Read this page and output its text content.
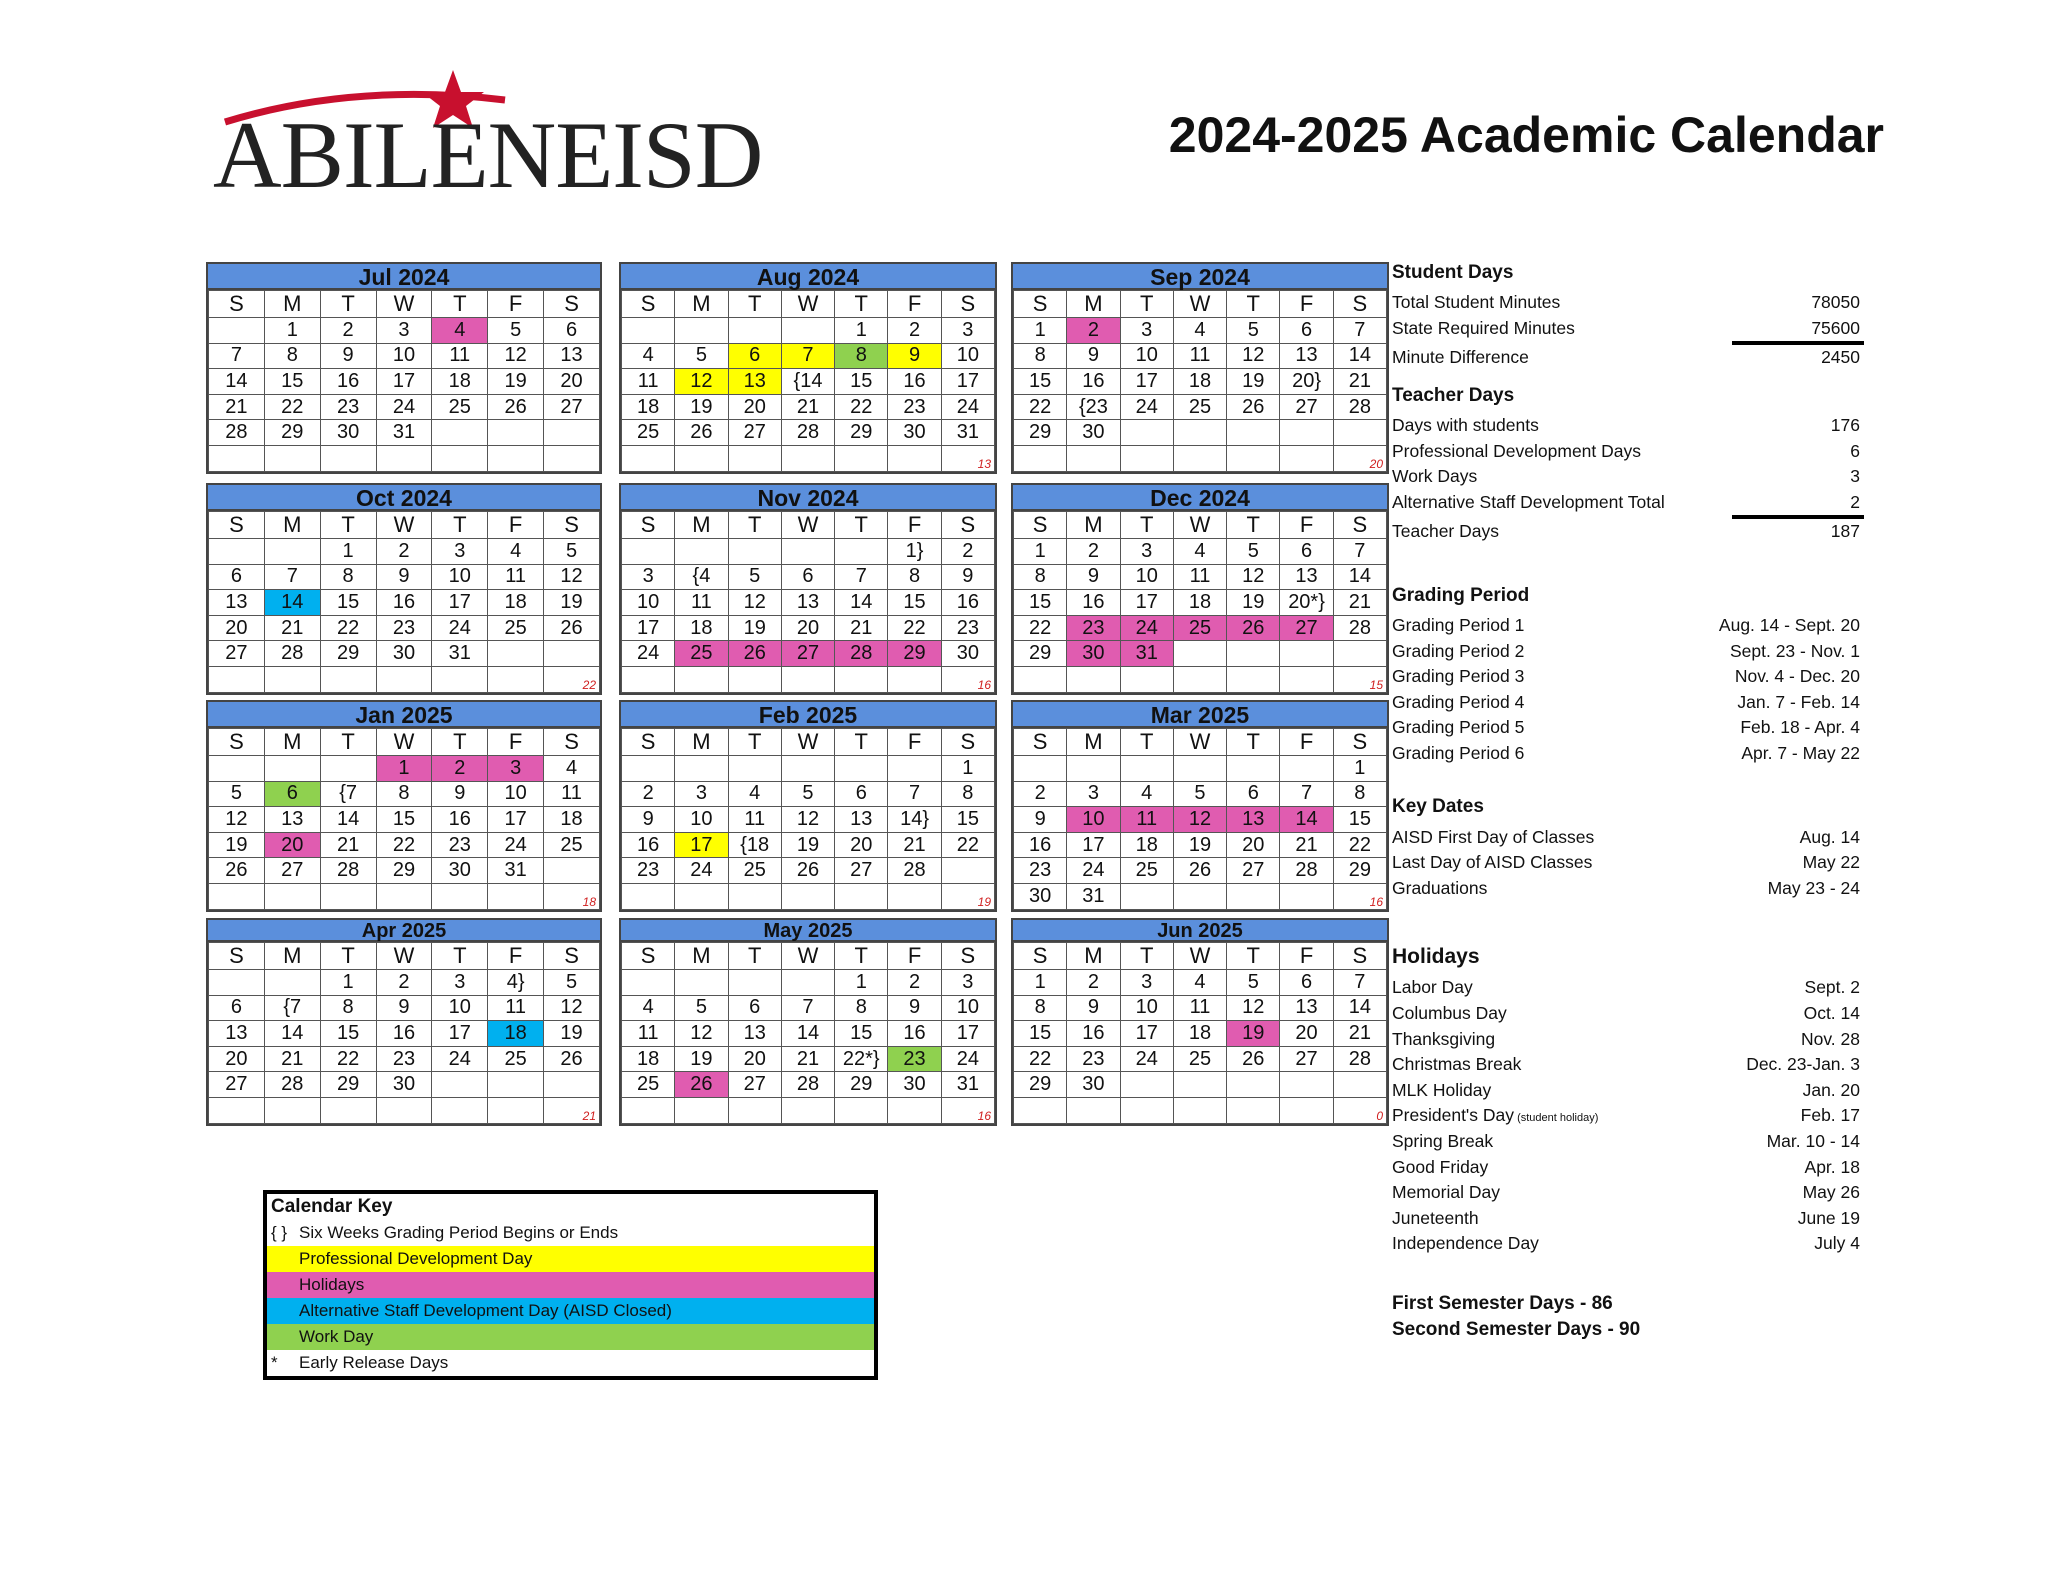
ABILENEISD	2024-2025 Academic Calendar
Jul 2024
S	M	T	W	T	F	S
	1	2	3	4	5	6
7	8	9	10	11	12	13
14	15	16	17	18	19	20
21	22	23	24	25	26	27
28	29	30	31			

Aug 2024
S	M	T	W	T	F	S
				1	2	3
4	5	6	7	8	9	10
11	12	13	{14	15	16	17
18	19	20	21	22	23	24
25	26	27	28	29	30	31

						13
Sep 2024
S	M	T	W	T	F	S
1	2	3	4	5	6	7
8	9	10	11	12	13	14
15	16	17	18	19	20}	21
22	{23	24	25	26	27	28
29	30					

						20
Oct 2024
S	M	T	W	T	F	S
		1	2	3	4	5
6	7	8	9	10	11	12
13	14	15	16	17	18	19
20	21	22	23	24	25	26
27	28	29	30	31		

						22
Nov 2024
S	M	T	W	T	F	S
					1}	2
3	{4	5	6	7	8	9
10	11	12	13	14	15	16
17	18	19	20	21	22	23
24	25	26	27	28	29	30

						16
Dec 2024
S	M	T	W	T	F	S
1	2	3	4	5	6	7
8	9	10	11	12	13	14
15	16	17	18	19	20*}	21
22	23	24	25	26	27	28
29	30	31				

						15
Jan 2025
S	M	T	W	T	F	S
			1	2	3	4
5	6	{7	8	9	10	11
12	13	14	15	16	17	18
19	20	21	22	23	24	25
26	27	28	29	30	31	

						18
Feb 2025
S	M	T	W	T	F	S
						1
2	3	4	5	6	7	8
9	10	11	12	13	14}	15
16	17	{18	19	20	21	22
23	24	25	26	27	28	

						19
Mar 2025
S	M	T	W	T	F	S
						1
2	3	4	5	6	7	8
9	10	11	12	13	14	15
16	17	18	19	20	21	22
23	24	25	26	27	28	29
30	31					16
Apr 2025
S	M	T	W	T	F	S
		1	2	3	4}	5
6	{7	8	9	10	11	12
13	14	15	16	17	18	19
20	21	22	23	24	25	26
27	28	29	30			

						21
May 2025
S	M	T	W	T	F	S
				1	2	3
4	5	6	7	8	9	10
11	12	13	14	15	16	17
18	19	20	21	22*}	23	24
25	26	27	28	29	30	31

						16
Jun 2025
S	M	T	W	T	F	S
1	2	3	4	5	6	7
8	9	10	11	12	13	14
15	16	17	18	19	20	21
22	23	24	25	26	27	28
29	30					

						0
Student Days
Total Student Minutes	78050
State Required Minutes	75600
Minute Difference	2450
Teacher Days
Days with students	176
Professional Development Days	6
Work Days	3
Alternative Staff Development Total	2
Teacher Days	187
Grading Period
Grading Period 1	Aug. 14 - Sept. 20
Grading Period 2	Sept. 23 - Nov. 1
Grading Period 3	Nov. 4 - Dec. 20
Grading Period 4	Jan. 7 - Feb. 14
Grading Period 5	Feb. 18 - Apr. 4
Grading Period 6	Apr. 7 - May 22
Key Dates
AISD First Day of Classes	Aug. 14
Last Day of AISD Classes	May 22
Graduations	May 23 - 24
Holidays
Labor Day	Sept. 2
Columbus Day	Oct. 14
Thanksgiving	Nov. 28
Christmas Break	Dec. 23-Jan. 3
MLK Holiday	Jan. 20
President's Day (student holiday)	Feb. 17
Spring Break	Mar. 10 - 14
Good Friday	Apr. 18
Memorial Day	May 26
Juneteenth	June 19
Independence Day	July 4
First Semester Days - 86
Second Semester Days - 90
Calendar Key
{ } Six Weeks Grading Period Begins or Ends
Professional Development Day
Holidays
Alternative Staff Development Day (AISD Closed)
Work Day
* Early Release Days
